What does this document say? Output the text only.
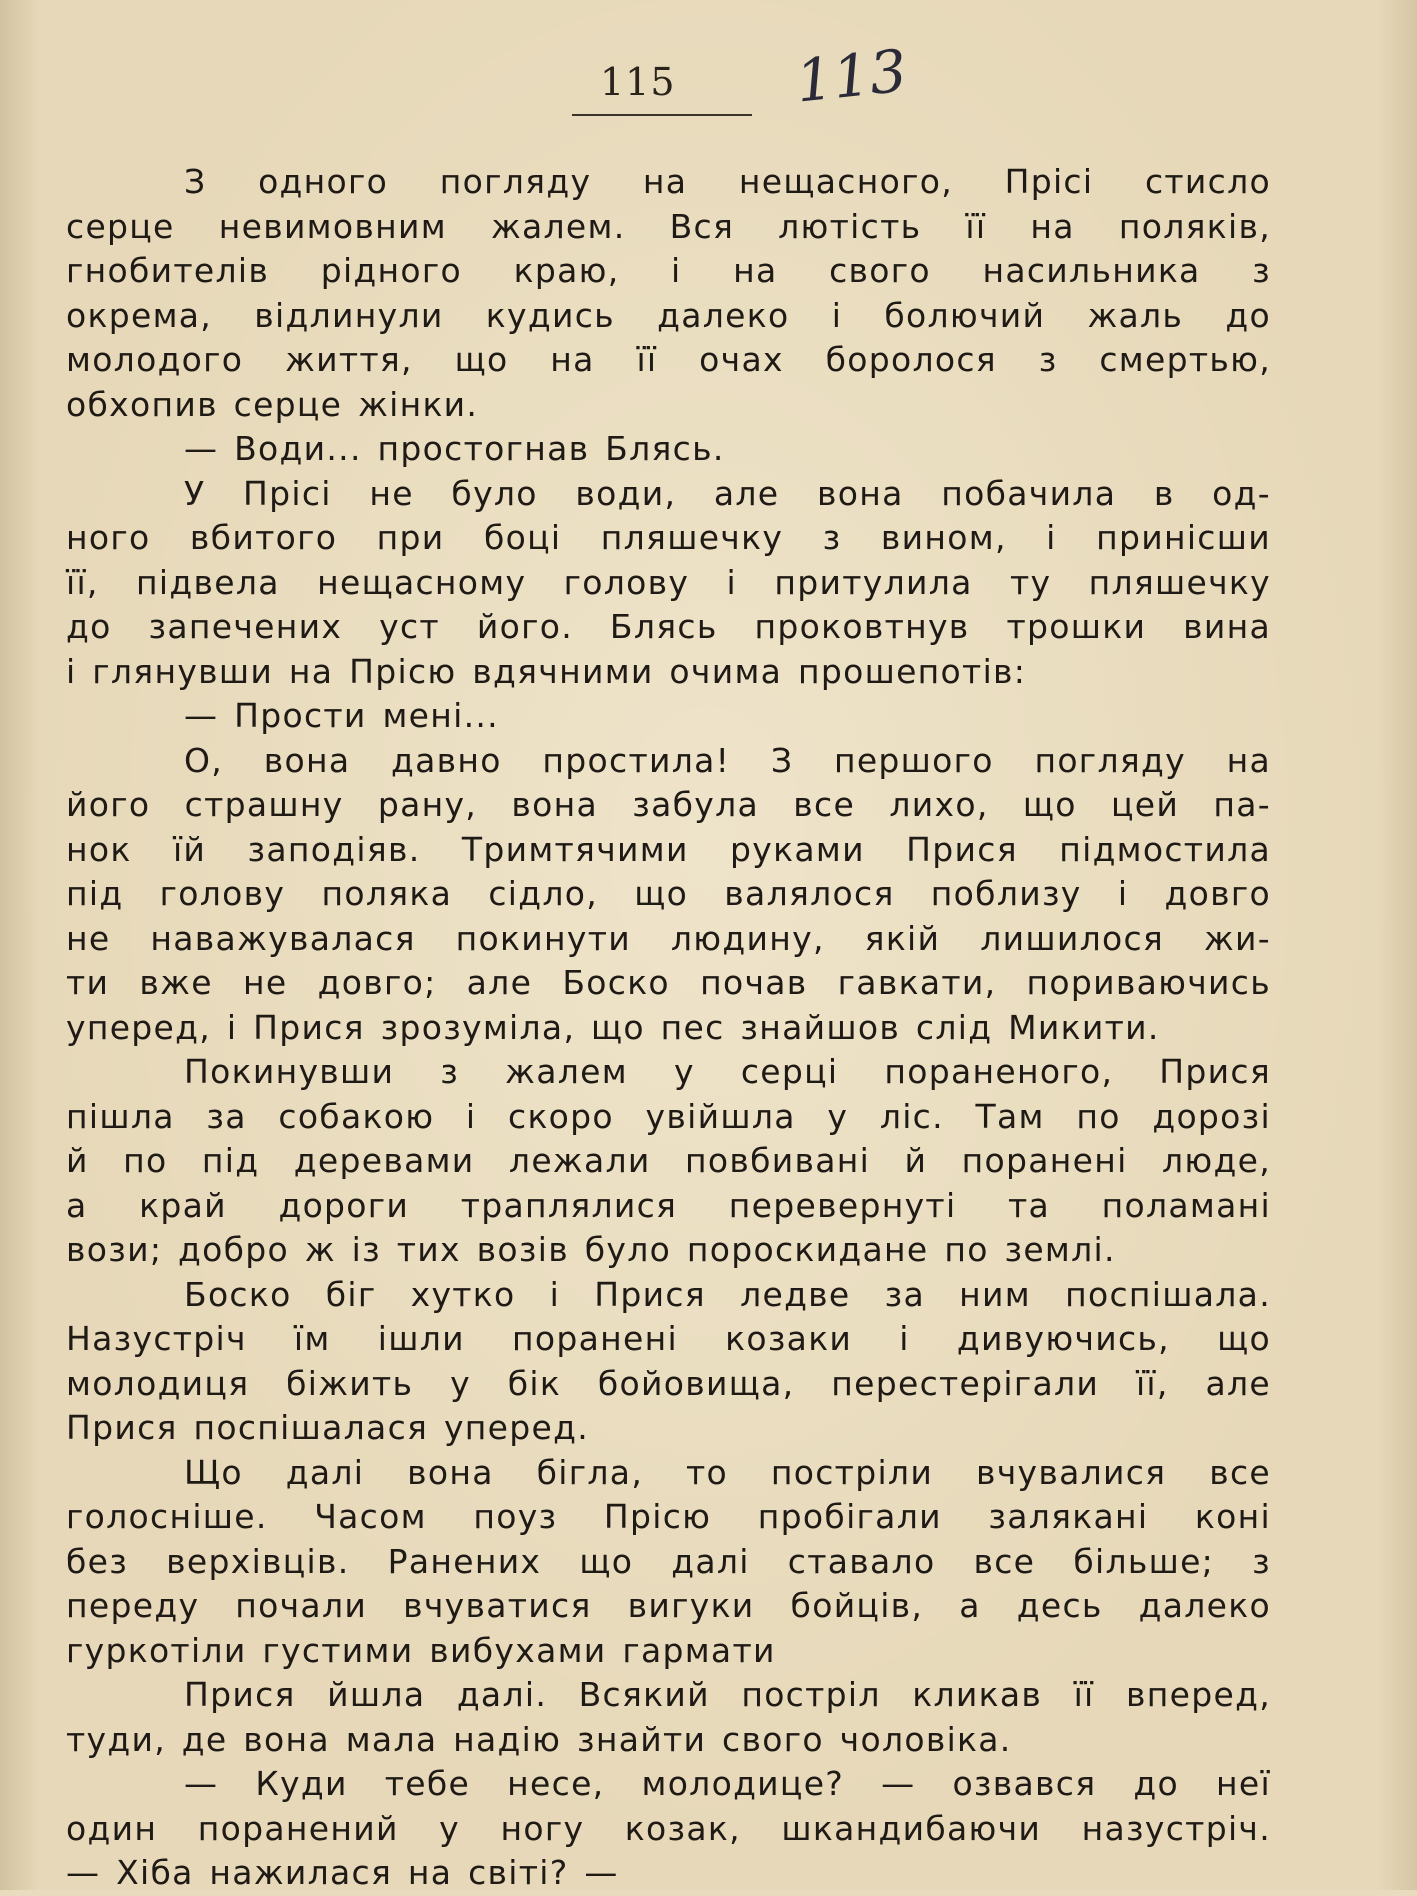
115 113
З одного погляду на нещасного, Прісі стисло
серце невимовним жалем. Вся лютість її на поляків,
гнобителів рідного краю, і на свого насильника з
окрема, відлинули кудись далеко і болючий жаль до
молодого життя, що на її очах боролося з смертью,
обхопив серце жінки.
— Води... простогнав Блясь.
У Прісі не було води, але вона побачила в од-
ного вбитого при боці пляшечку з вином, і принісши
її, підвела нещасному голову і притулила ту пляшечку
до запечених уст його. Блясь проковтнув трошки вина
і глянувши на Прісю вдячними очима прошепотів:
— Прости мені...
О, вона давно простила! З першого погляду на
його страшну рану, вона забула все лихо, що цей па-
нок їй заподіяв. Тримтячими руками Прися підмостила
під голову поляка сідло, що валялося поблизу і довго
не наважувалася покинути людину, якій лишилося жи-
ти вже не довго; але Боско почав гавкати, пориваючись
уперед, і Прися зрозуміла, що пес знайшов слід Микити.
Покинувши з жалем у серці пораненого, Прися
пішла за собакою і скоро увійшла у ліс. Там по дорозі
й по під деревами лежали повбивані й поранені люде,
а край дороги траплялися перевернуті та поламані
вози; добро ж із тих возів було пороскидане по землі.
Боско біг хутко і Прися ледве за ним поспішала.
Назустріч їм ішли поранені козаки і дивуючись, що
молодиця біжить у бік бойовища, перестерігали її, але
Прися поспішалася уперед.
Що далі вона бігла, то постріли вчувалися все
голосніше. Часом поуз Прісю пробігали залякані коні
без верхівців. Ранених що далі ставало все більше; з
переду почали вчуватися вигуки бойців, а десь далеко
гуркотіли густими вибухами гармати
Прися йшла далі. Всякий постріл кликав її вперед,
туди, де вона мала надію знайти свого чоловіка.
— Куди тебе несе, молодице? — озвався до неї
один поранений у ногу козак, шкандибаючи назустріч.
— Хіба нажилася на світі? —
